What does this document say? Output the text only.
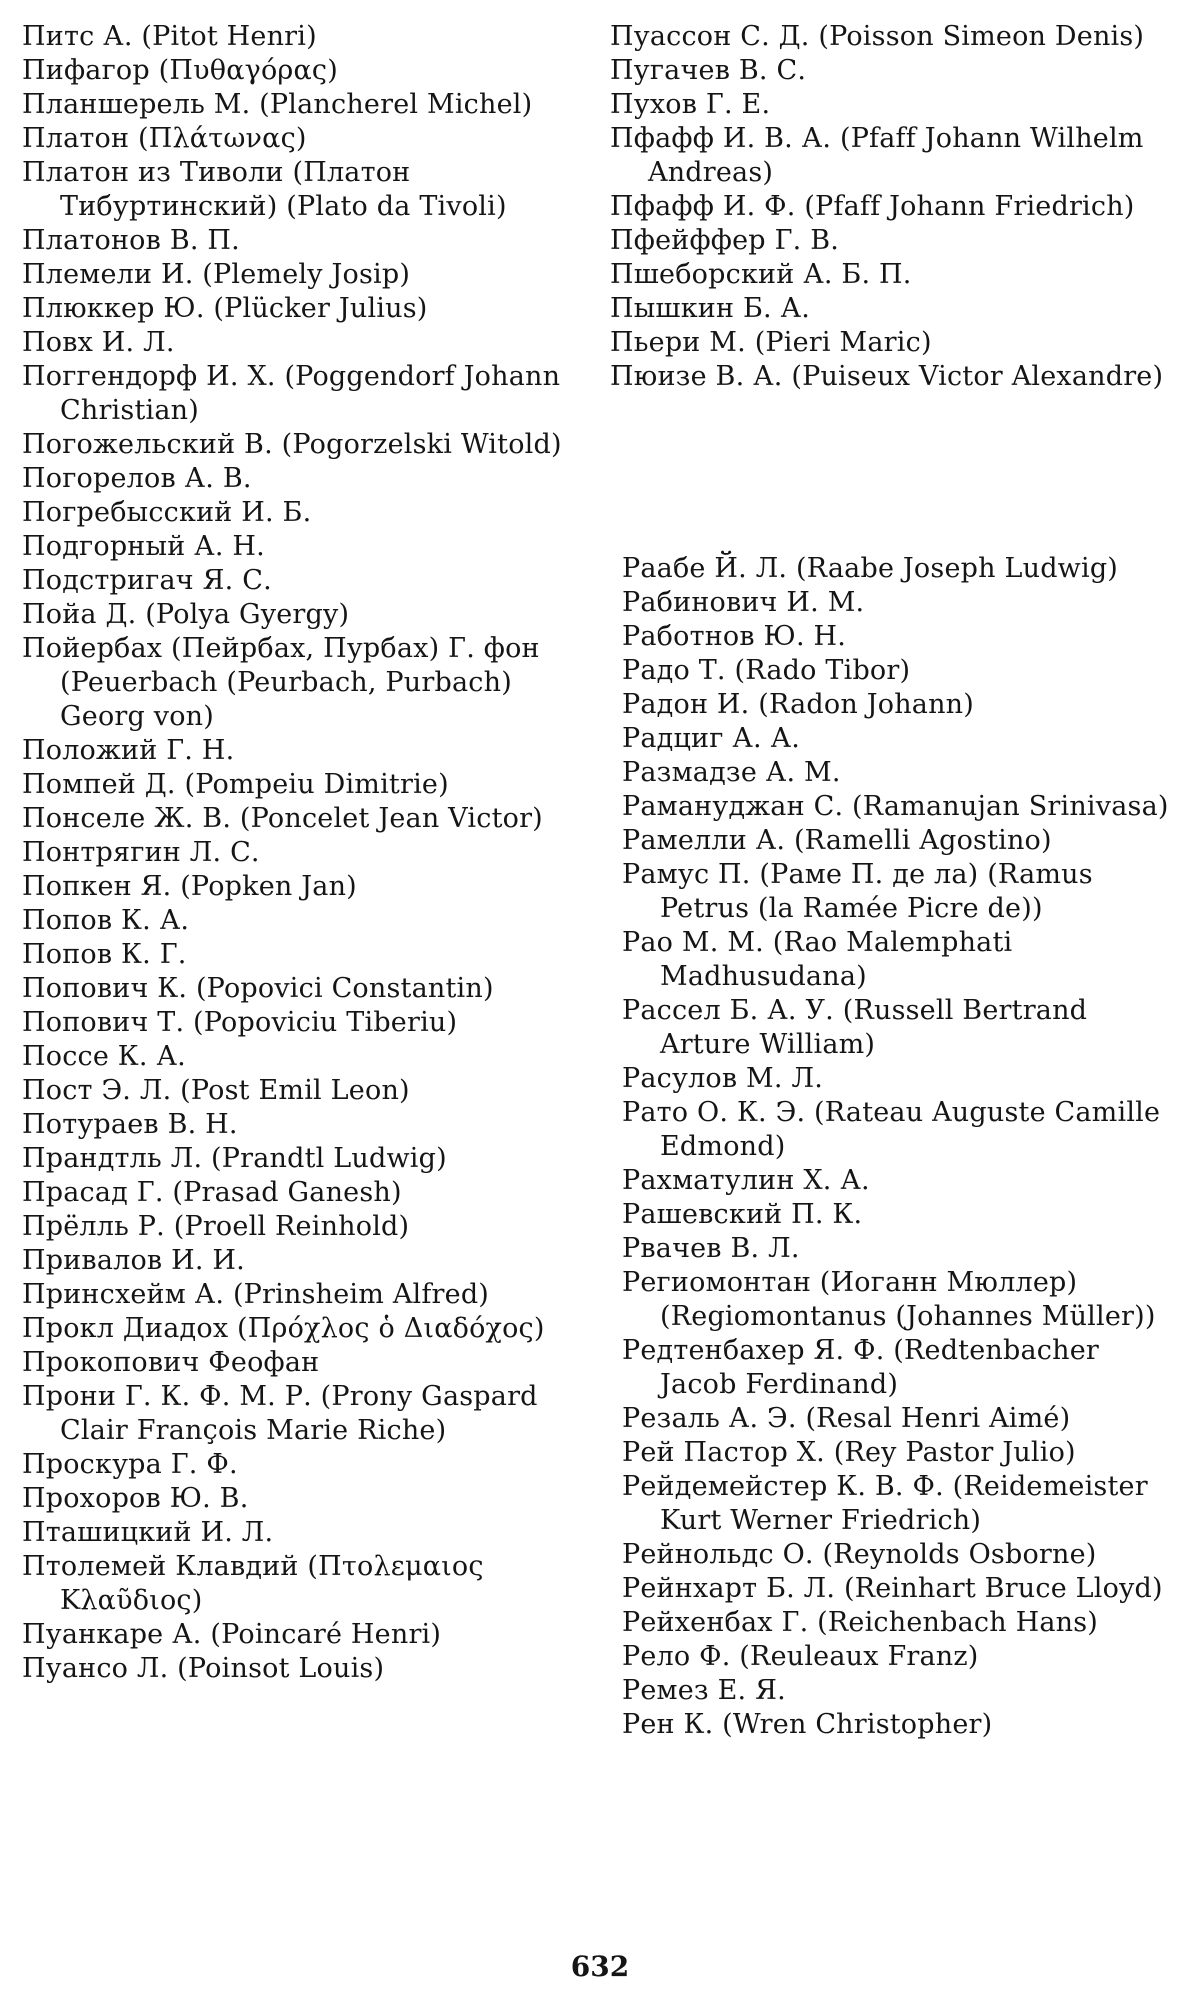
Питс А. (Pitot Henri)
Пифагор (Πυθαγόρας)
Планшерель М. (Plancherel Michel)
Платон (Πλάτωνας)
Платон из Тиволи (Платон Тибуртинский) (Plato da Tivoli)
Платонов В. П.
Племели И. (Plemely Josip)
Плюккер Ю. (Plücker Julius)
Повх И. Л.
Поггендорф И. Х. (Poggendorf Johann Christian)
Погожельский В. (Pogorzelski Witold)
Погорелов А. В.
Погребысский И. Б.
Подгорный А. Н.
Подстригач Я. С.
Пойа Д. (Polya Gyergy)
Пойербах (Пейрбах, Пурбах) Г. фон (Peuerbach (Peurbach, Purbach) Georg von)
Положий Г. Н.
Помпей Д. (Pompeiu Dimitrie)
Понселе Ж. В. (Poncelet Jean Victor)
Понтрягин Л. С.
Попкен Я. (Popken Jan)
Попов К. А.
Попов К. Г.
Попович К. (Popovici Constantin)
Попович Т. (Popoviciu Tiberiu)
Поссе К. А.
Пост Э. Л. (Post Emil Leon)
Потураев В. Н.
Прандтль Л. (Prandtl Ludwig)
Прасад Г. (Prasad Ganesh)
Прёлль Р. (Proell Reinhold)
Привалов И. И.
Принсхейм А. (Prinsheim Alfred)
Прокл Диадох (Πρόχλος ὁ Διαδόχος)
Прокопович Феофан
Прони Г. К. Ф. М. Р. (Prony Gaspard Clair François Marie Riche)
Проскура Г. Ф.
Прохоров Ю. В.
Пташицкий И. Л.
Птолемей Клавдий (Πτολεμαιος Κλαῦδιος)
Пуанкаре А. (Poincaré Henri)
Пуансо Л. (Poinsot Louis)
Пуассон С. Д. (Poisson Simeon Denis)
Пугачев В. С.
Пухов Г. Е.
Пфафф И. В. А. (Pfaff Johann Wilhelm Andreas)
Пфафф И. Ф. (Pfaff Johann Friedrich)
Пфейффер Г. В.
Пшеборский А. Б. П.
Пышкин Б. А.
Пьери М. (Pieri Maric)
Пюизе В. А. (Puiseux Victor Alexandre)
Раабе Й. Л. (Raabe Joseph Ludwig)
Рабинович И. М.
Работнов Ю. Н.
Радо Т. (Rado Tibor)
Радон И. (Radon Johann)
Радциг А. А.
Размадзе А. М.
Рамануджан С. (Ramanujan Srinivasa)
Рамелли А. (Ramelli Agostino)
Рамус П. (Раме П. де ла) (Ramus Petrus (la Ramée Picre de))
Рао М. М. (Rao Malemphati Madhusudana)
Рассел Б. А. У. (Russell Bertrand Arture William)
Расулов М. Л.
Рато О. К. Э. (Rateau Auguste Camille Edmond)
Рахматулин Х. А.
Рашевский П. К.
Рвачев В. Л.
Региомонтан (Иоганн Мюллер) (Regiomontanus (Johannes Müller))
Редтенбахер Я. Ф. (Redtenbacher Jacob Ferdinand)
Резаль А. Э. (Resal Henri Aimé)
Рей Пастор Х. (Rey Pastor Julio)
Рейдемейстер К. В. Ф. (Reidemeister Kurt Werner Friedrich)
Рейнольдс О. (Reynolds Osborne)
Рейнхарт Б. Л. (Reinhart Bruce Lloyd)
Рейхенбах Г. (Reichenbach Hans)
Рело Ф. (Reuleaux Franz)
Ремез Е. Я.
Рен К. (Wren Christopher)
632
